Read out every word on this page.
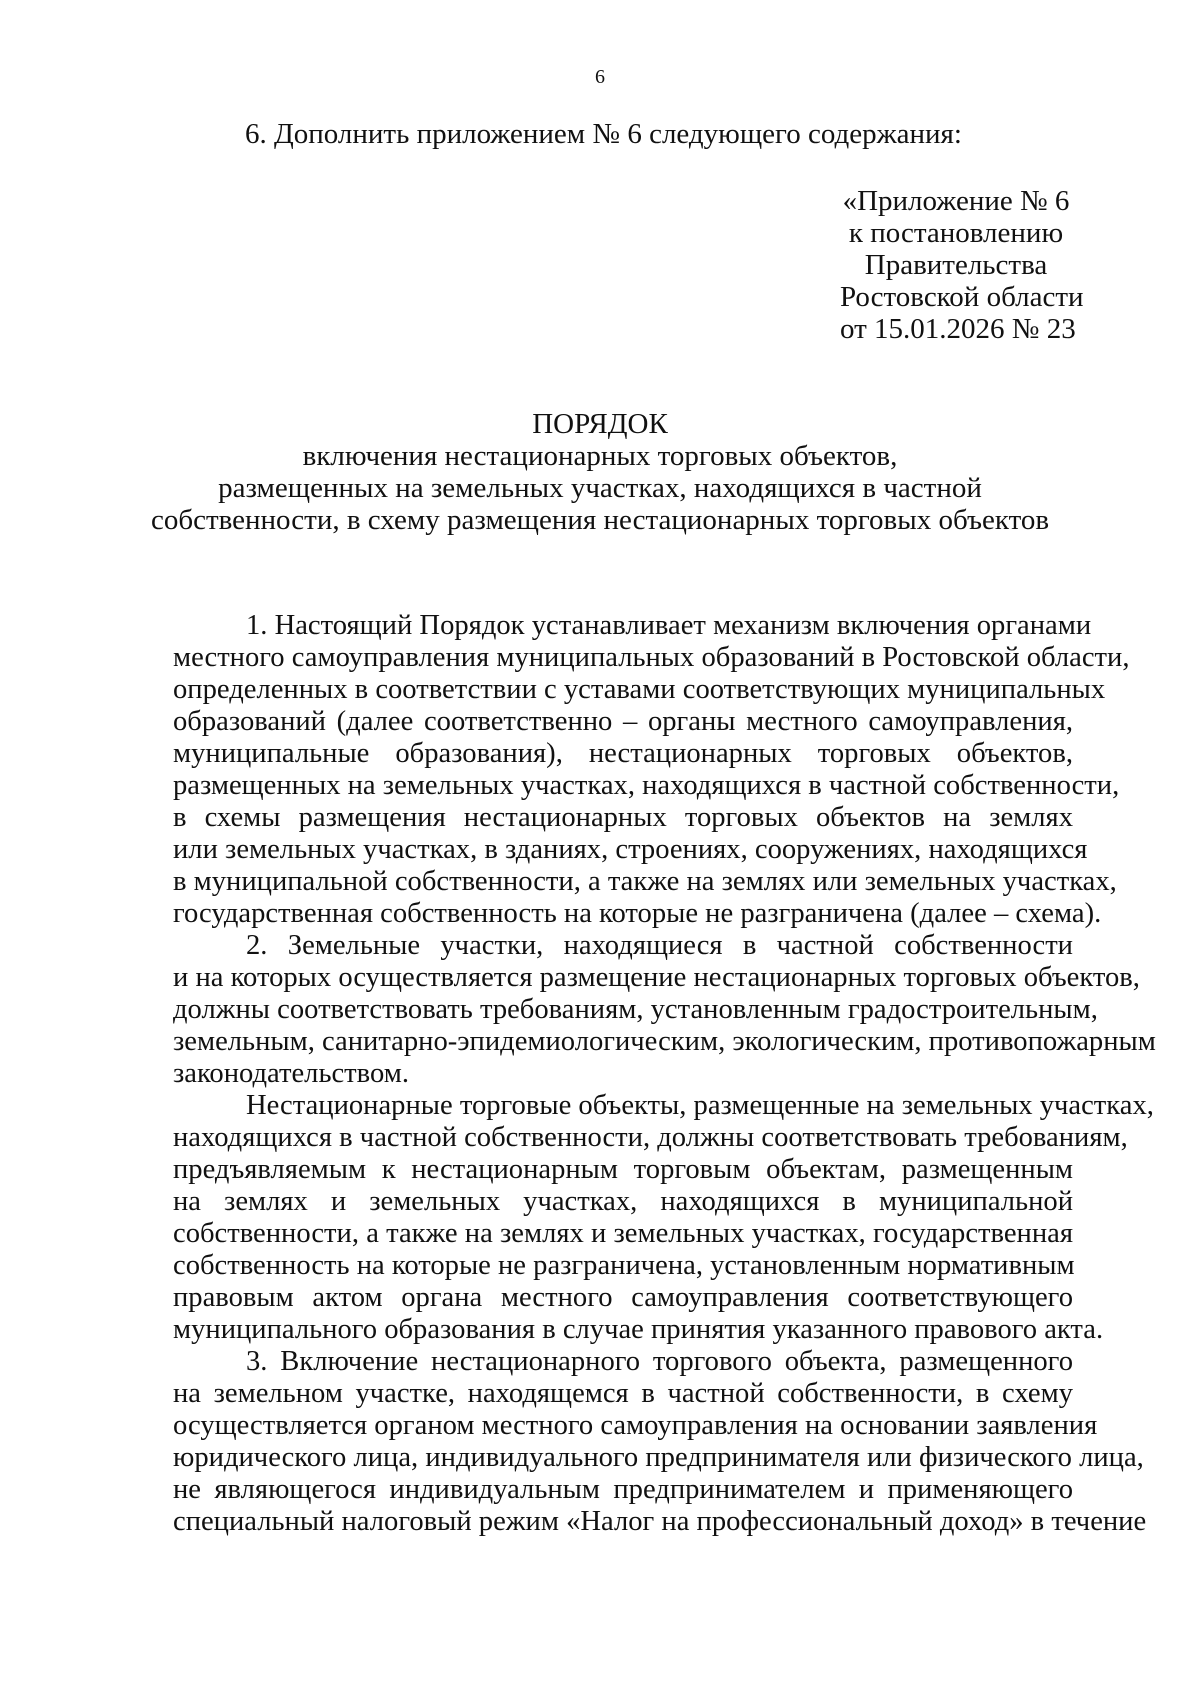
6
6. Дополнить приложением № 6 следующего содержания:
«Приложение № 6
к постановлению
Правительства
Ростовской области
от 15.01.2026 № 23
ПОРЯДОК
включения нестационарных торговых объектов,
размещенных на земельных участках, находящихся в частной
собственности, в схему размещения нестационарных торговых объектов
1. Настоящий Порядок устанавливает механизм включения органами
местного самоуправления муниципальных образований в Ростовской области,
определенных в соответствии с уставами соответствующих муниципальных
образований (далее соответственно – органы местного самоуправления,
муниципальные образования), нестационарных торговых объектов,
размещенных на земельных участках, находящихся в частной собственности,
в схемы размещения нестационарных торговых объектов на землях
или земельных участках, в зданиях, строениях, сооружениях, находящихся
в муниципальной собственности, а также на землях или земельных участках,
государственная собственность на которые не разграничена (далее – схема).
2. Земельные участки, находящиеся в частной собственности
и на которых осуществляется размещение нестационарных торговых объектов,
должны соответствовать требованиям, установленным градостроительным,
земельным, санитарно-эпидемиологическим, экологическим, противопожарным
законодательством.
Нестационарные торговые объекты, размещенные на земельных участках,
находящихся в частной собственности, должны соответствовать требованиям,
предъявляемым к нестационарным торговым объектам, размещенным
на землях и земельных участках, находящихся в муниципальной
собственности, а также на землях и земельных участках, государственная
собственность на которые не разграничена, установленным нормативным
правовым актом органа местного самоуправления соответствующего
муниципального образования в случае принятия указанного правового акта.
3. Включение нестационарного торгового объекта, размещенного
на земельном участке, находящемся в частной собственности, в схему
осуществляется органом местного самоуправления на основании заявления
юридического лица, индивидуального предпринимателя или физического лица,
не являющегося индивидуальным предпринимателем и применяющего
специальный налоговый режим «Налог на профессиональный доход» в течение
